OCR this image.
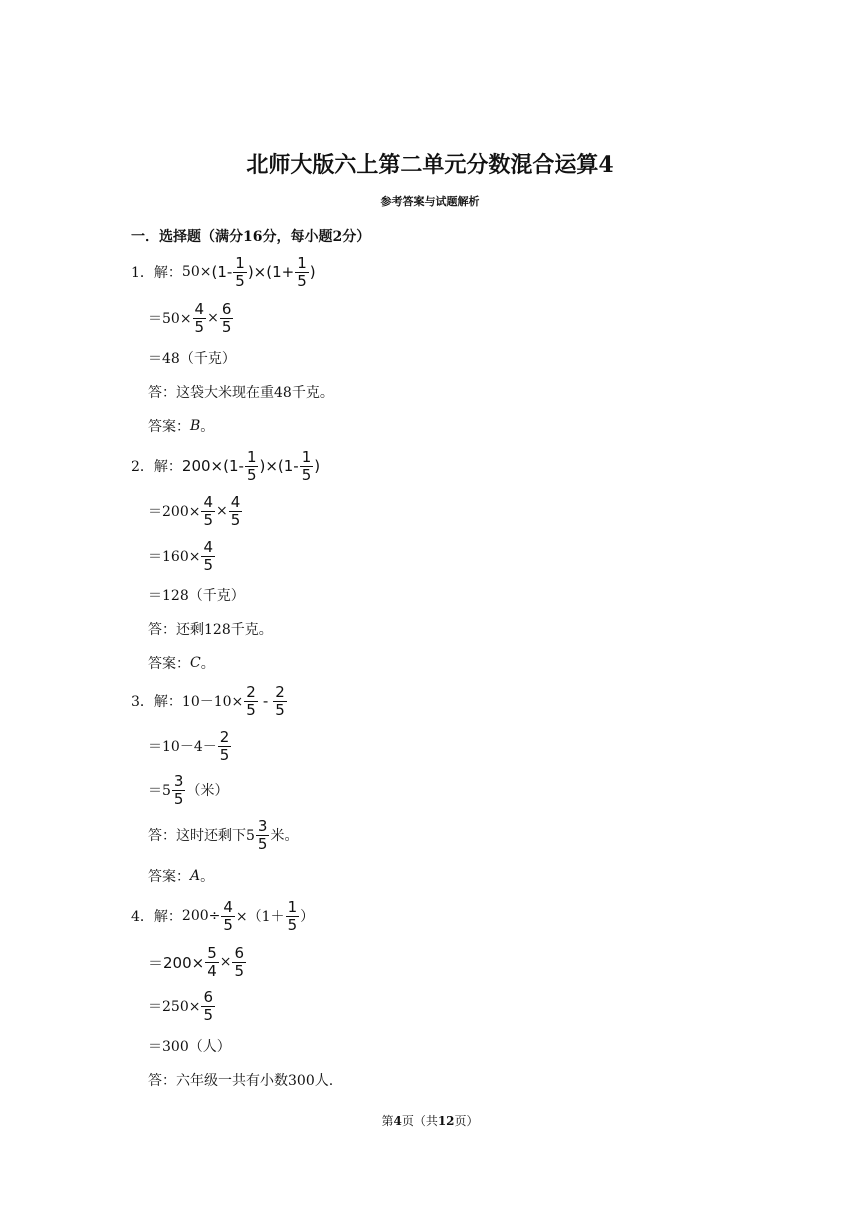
北师大版六上第二单元分数混合运算4
参考答案与试题解析
一．选择题（满分16分，每小题2分）
1．解： $50\times (1- \frac{1}{5} )\times(1+ \frac{1}{5}$ )
$=50\times \frac{4}{5} \times \frac{6}{5}$
＝48（千克）
答：这袋大米现在重48千克。
答案： B 。
2．解： $200\times(1- \frac{1}{5} )\times(1- \frac{1}{5}$ )
$=200\times \frac{4}{5} \times \frac{4}{5}$
$=160\times \frac{4}{5}$
＝128（千克）
答：还剩128千克。
答案： C 。
3．解： $10-10\times \frac{2}{5} - \frac{2}{5}$
$=10-4- \frac{2}{5}$
$=5 \frac{3}{5}$ （米）
答：这时还剩下$5 \frac{3}{5}$ 米。
答案： A 。
4．解： $200\div \frac{4}{5} \times(1+ \frac{1}{5}$ ）
$=200\times \frac{5}{4} \times \frac{6}{5}$
$=250\times \frac{6}{5}$
＝300（人）
答：六年级一共有小数300人.
第4页（共12页）
